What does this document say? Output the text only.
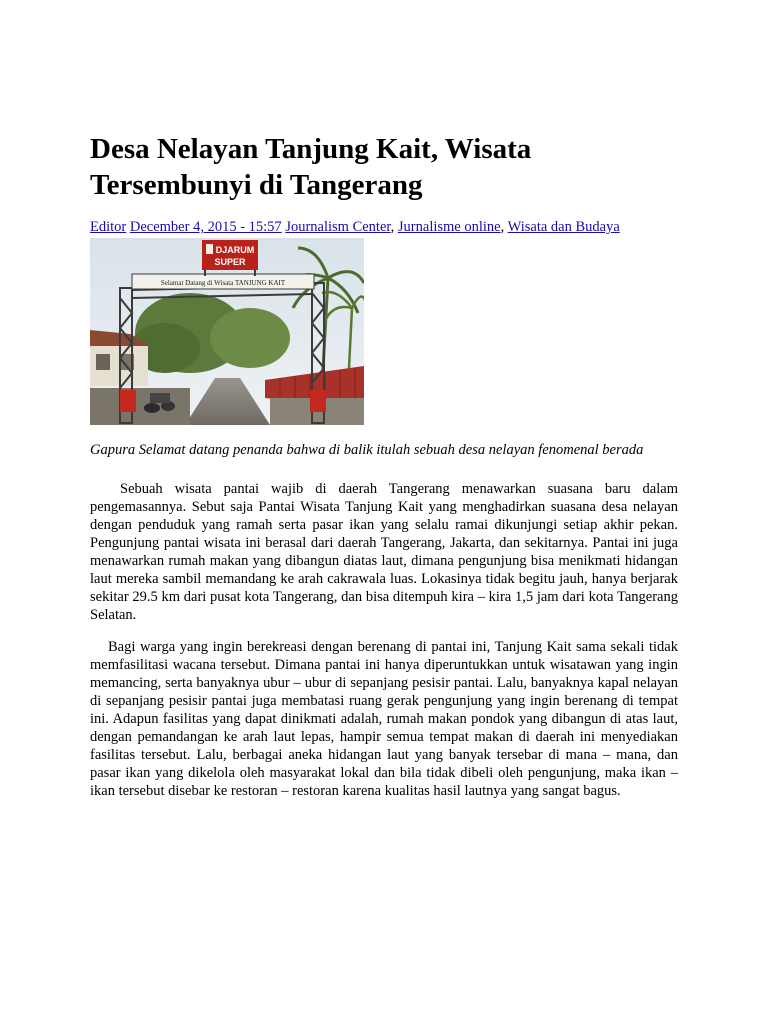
Desa Nelayan Tanjung Kait, Wisata Tersembunyi di Tangerang
Editor December 4, 2015 - 15:57 Journalism Center, Jurnalisme online, Wisata dan Budaya
Selamat Datang di Wisata TANJUNG KAIT
DJARUM
SUPER
Gapura Selamat datang penanda bahwa di balik itulah sebuah desa nelayan fenomenal berada

Sebuah wisata pantai wajib di daerah Tangerang menawarkan suasana baru dalam pengemasannya. Sebut saja Pantai Wisata Tanjung Kait yang menghadirkan suasana desa nelayan dengan penduduk yang ramah serta pasar ikan yang selalu ramai dikunjungi setiap akhir pekan. Pengunjung pantai wisata ini berasal dari daerah Tangerang, Jakarta, dan sekitarnya. Pantai ini juga menawarkan rumah makan yang dibangun diatas laut, dimana pengunjung bisa menikmati hidangan laut mereka sambil memandang ke arah cakrawala luas. Lokasinya tidak begitu jauh, hanya berjarak sekitar 29.5 km dari pusat kota Tangerang, dan bisa ditempuh kira – kira 1,5 jam dari kota Tangerang Selatan.

Bagi warga yang ingin berekreasi dengan berenang di pantai ini, Tanjung Kait sama sekali tidak memfasilitasi wacana tersebut. Dimana pantai ini hanya diperuntukkan untuk wisatawan yang ingin memancing, serta banyaknya ubur – ubur di sepanjang pesisir pantai. Lalu, banyaknya kapal nelayan di sepanjang pesisir pantai juga membatasi ruang gerak pengunjung yang ingin berenang di tempat ini. Adapun fasilitas yang dapat dinikmati adalah, rumah makan pondok yang dibangun di atas laut, dengan pemandangan ke arah laut lepas, hampir semua tempat makan di daerah ini menyediakan fasilitas tersebut. Lalu, berbagai aneka hidangan laut yang banyak tersebar di mana – mana, dan pasar ikan yang dikelola oleh masyarakat lokal dan bila tidak dibeli oleh pengunjung, maka ikan – ikan tersebut disebar ke restoran – restoran karena kualitas hasil lautnya yang sangat bagus.
